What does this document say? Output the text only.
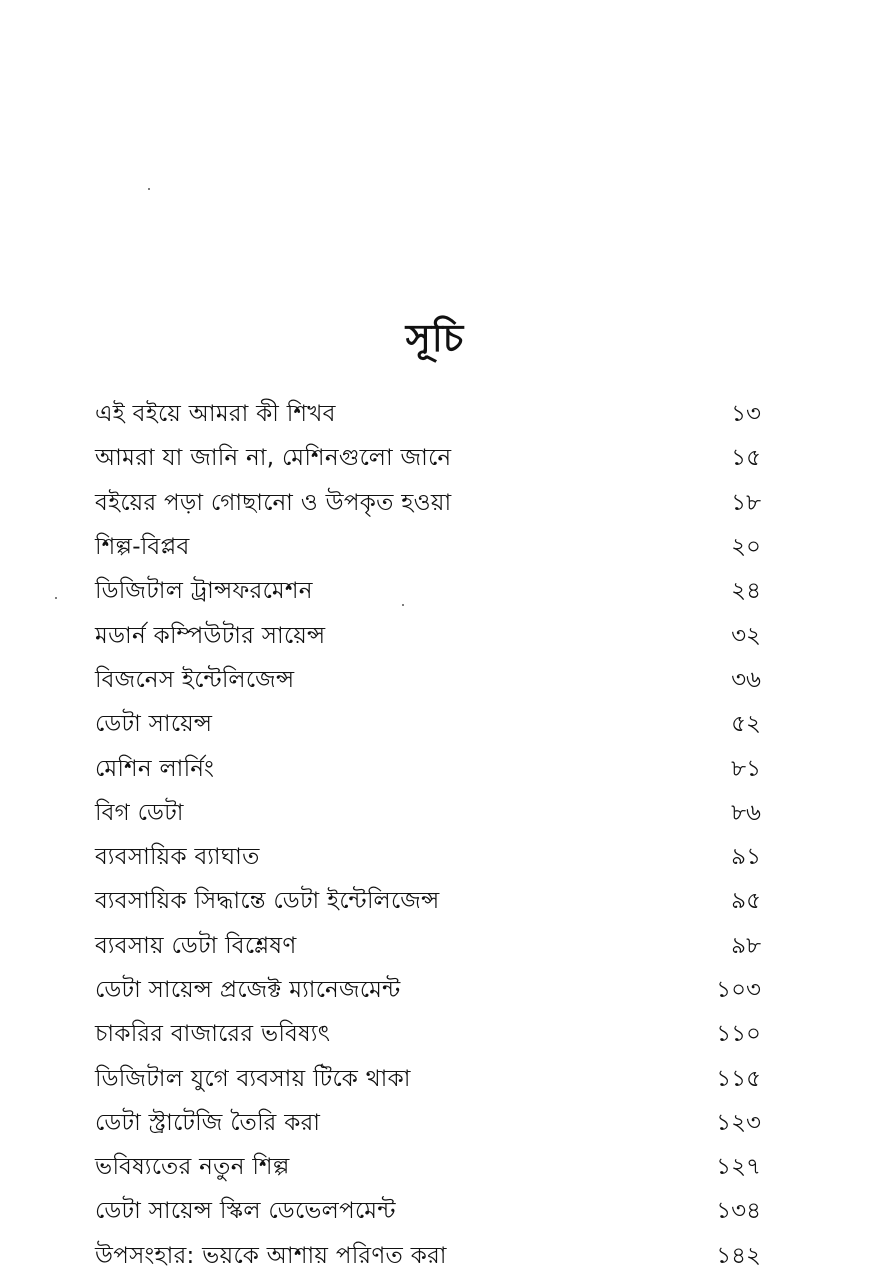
সূচি
এই বইয়ে আমরা কী শিখব	১৩
আমরা যা জানি না, মেশিনগুলো জানে	১৫
বইয়ের পড়া গোছানো ও উপকৃত হওয়া	১৮
শিল্প-বিপ্লব	২০
ডিজিটাল ট্রান্সফরমেশন	২৪
মডার্ন কম্পিউটার সায়েন্স	৩২
বিজনেস ইন্টেলিজেন্স	৩৬
ডেটা সায়েন্স	৫২
মেশিন লার্নিং	৮১
বিগ ডেটা	৮৬
ব্যবসায়িক ব্যাঘাত	৯১
ব্যবসায়িক সিদ্ধান্তে ডেটা ইন্টেলিজেন্স	৯৫
ব্যবসায় ডেটা বিশ্লেষণ	৯৮
ডেটা সায়েন্স প্রজেক্ট ম্যানেজমেন্ট	১০৩
চাকরির বাজারের ভবিষ্যৎ	১১০
ডিজিটাল যুগে ব্যবসায় টিকে থাকা	১১৫
ডেটা স্ট্রাটেজি তৈরি করা	১২৩
ভবিষ্যতের নতুন শিল্প	১২৭
ডেটা সায়েন্স স্কিল ডেভেলপমেন্ট	১৩৪
উপসংহার: ভয়কে আশায় পরিণত করা	১৪২
